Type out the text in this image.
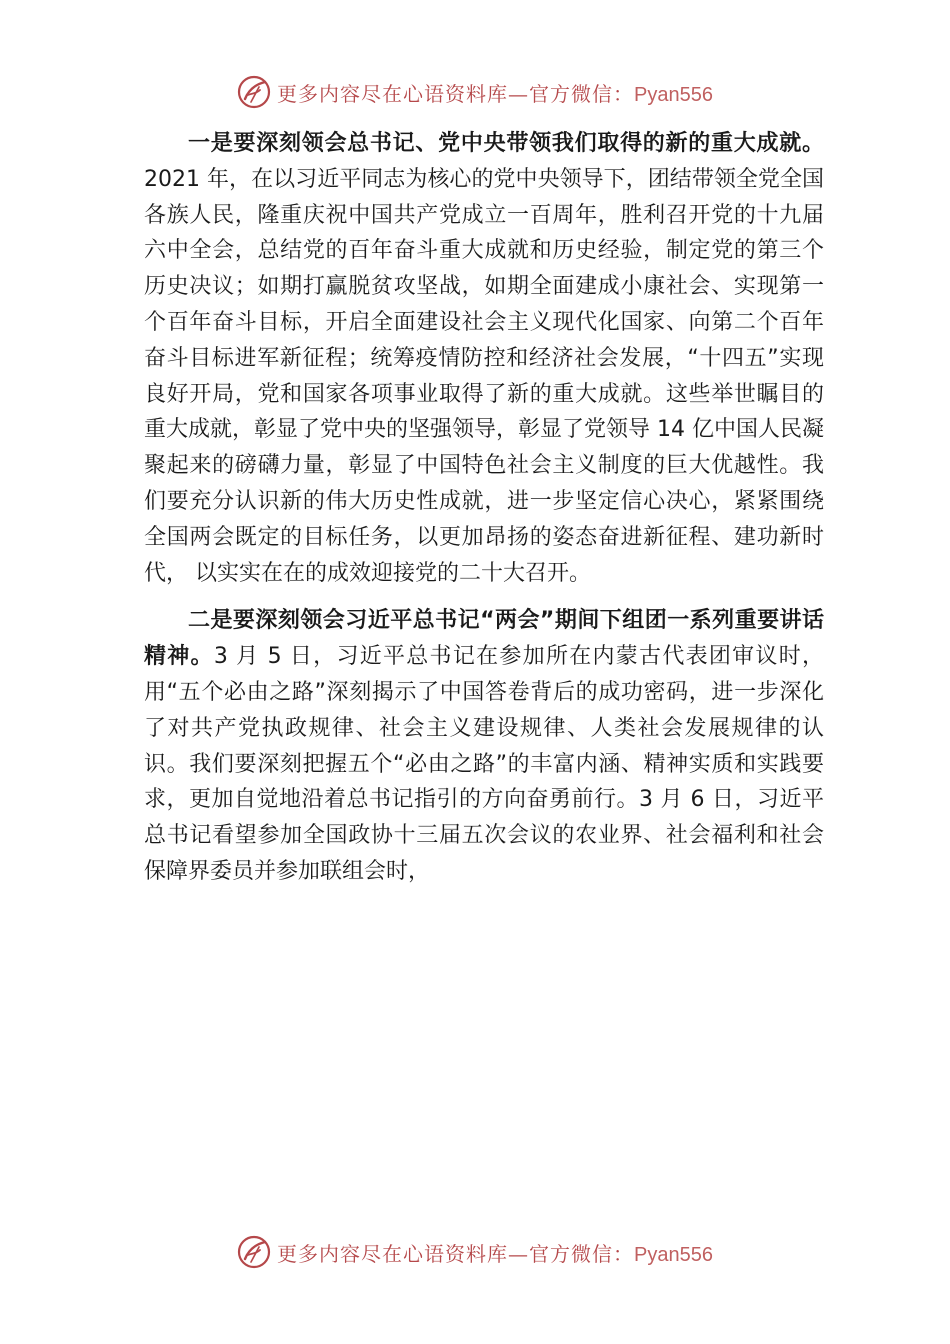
更多内容尽在心语资料库—官方微信：Pyan556

一是要深刻领会总书记、党中央带领我们取得的新的重大成就。2021 年，在以习近平同志为核心的党中央领导下，团结带领全党全国各族人民，隆重庆祝中国共产党成立一百周年，胜利召开党的十九届六中全会，总结党的百年奋斗重大成就和历史经验，制定党的第三个历史决议；如期打赢脱贫攻坚战，如期全面建成小康社会、实现第一个百年奋斗目标，开启全面建设社会主义现代化国家、向第二个百年奋斗目标进军新征程；统筹疫情防控和经济社会发展，“十四五”实现良好开局，党和国家各项事业取得了新的重大成就。这些举世瞩目的重大成就，彰显了党中央的坚强领导，彰显了党领导 14 亿中国人民凝聚起来的磅礴力量，彰显了中国特色社会主义制度的巨大优越性。我们要充分认识新的伟大历史性成就，进一步坚定信心决心，紧紧围绕全国两会既定的目标任务，以更加昂扬的姿态奋进新征程、建功新时代， 以实实在在的成效迎接党的二十大召开。

二是要深刻领会习近平总书记“两会”期间下组团一系列重要讲话精神。3 月 5 日，习近平总书记在参加所在内蒙古代表团审议时，用“五个必由之路”深刻揭示了中国答卷背后的成功密码，进一步深化了对共产党执政规律、社会主义建设规律、人类社会发展规律的认识。我们要深刻把握五个“必由之路”的丰富内涵、精神实质和实践要求，更加自觉地沿着总书记指引的方向奋勇前行。3 月 6 日，习近平总书记看望参加全国政协十三届五次会议的农业界、社会福利和社会保障界委员并参加联组会时，

更多内容尽在心语资料库—官方微信：Pyan556
